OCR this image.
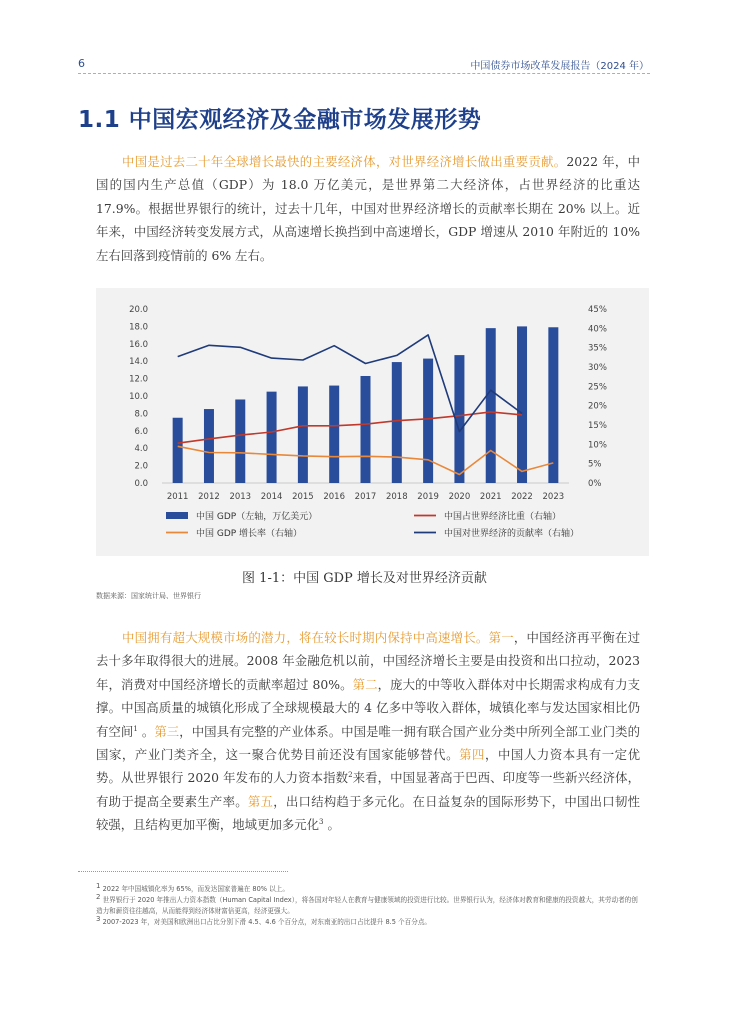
6	中国债券市场改革发展报告（2024 年）
1.1 中国宏观经济及金融市场发展形势

中国是过去二十年全球增长最快的主要经济体，对世界经济增长做出重要贡献。2022 年，中国的国内生产总值（GDP）为 18.0 万亿美元，是世界第二大经济体，占世界经济的比重达 17.9%。根据世界银行的统计，过去十几年，中国对世界经济增长的贡献率长期在 20% 以上。近年来，中国经济转变发展方式，从高速增长换挡到中高速增长，GDP 增速从 2010 年附近的 10% 左右回落到疫情前的 6% 左右。

20.0
18.0
16.0
14.0
12.0
10.0
8.0
6.0
4.0
2.0
0.0
45%
40%
35%
30%
25%
20%
15%
10%
5%
0%
2011 2012 2013 2014 2015 2016 2017 2018 2019 2020 2021 2022 2023
中国 GDP（左轴，万亿美元）	中国占世界经济比重（右轴）
中国 GDP 增长率（右轴）	中国对世界经济的贡献率（右轴）
图 1-1：中国 GDP 增长及对世界经济贡献
数据来源：国家统计局、世界银行

中国拥有超大规模市场的潜力，将在较长时期内保持中高速增长。第一，中国经济再平衡在过去十多年取得很大的进展。2008 年金融危机以前，中国经济增长主要是由投资和出口拉动，2023 年，消费对中国经济增长的贡献率超过 80%。第二，庞大的中等收入群体对中长期需求构成有力支撑。中国高质量的城镇化形成了全球规模最大的 4 亿多中等收入群体，城镇化率与发达国家相比仍有空间$^1$ 。第三，中国具有完整的产业体系。中国是唯一拥有联合国产业分类中所列全部工业门类的国家，产业门类齐全，这一聚合优势目前还没有国家能够替代。第四，中国人力资本具有一定优势。从世界银行 2020 年发布的人力资本指数$^2$来看，中国显著高于巴西、印度等一些新兴经济体，有助于提高全要素生产率。第五，出口结构趋于多元化。在日益复杂的国际形势下，中国出口韧性较强，且结构更加平衡，地域更加多元化$^3$ 。

$^1$ 2022 年中国城镇化率为 65%，而发达国家普遍在 80% 以上。
$^2$ 世界银行于 2020 年推出人力资本指数（Human Capital Index），将各国对年轻人在教育与健康领域的投资进行比较。世界银行认为，经济体对教育和健康的投资越大，其劳动者的创造力和薪资往往越高，从而能得到经济体财富倍更高，经济更强大。
$^3$ 2007-2023 年，对美国和欧洲出口占比分别下滑 4.5、4.6 个百分点，对东南亚的出口占比提升 8.5 个百分点。
